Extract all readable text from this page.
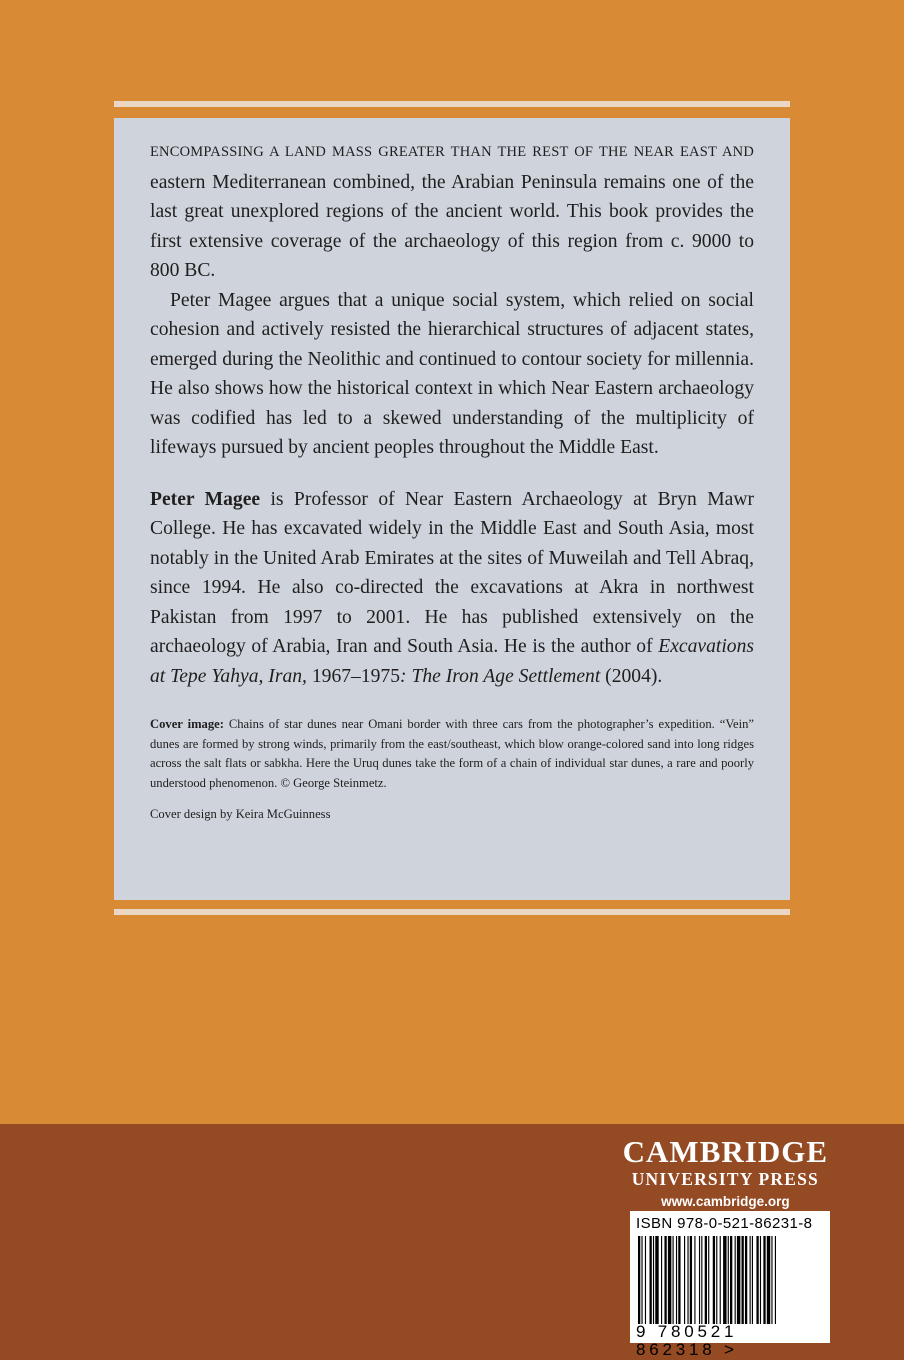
ENCOMPASSING A LAND MASS GREATER THAN THE REST OF THE NEAR EAST AND eastern Mediterranean combined, the Arabian Peninsula remains one of the last great unexplored regions of the ancient world. This book provides the first extensive coverage of the archaeology of this region from c. 9000 to 800 BC.

Peter Magee argues that a unique social system, which relied on social cohesion and actively resisted the hierarchical structures of adjacent states, emerged during the Neolithic and continued to contour society for millennia. He also shows how the historical context in which Near Eastern archaeology was codified has led to a skewed understanding of the multiplicity of lifeways pursued by ancient peoples throughout the Middle East.

Peter Magee is Professor of Near Eastern Archaeology at Bryn Mawr College. He has excavated widely in the Middle East and South Asia, most notably in the United Arab Emirates at the sites of Muweilah and Tell Abraq, since 1994. He also co-directed the excavations at Akra in northwest Pakistan from 1997 to 2001. He has published extensively on the archaeology of Arabia, Iran and South Asia. He is the author of Excavations at Tepe Yahya, Iran, 1967–1975: The Iron Age Settlement (2004).

Cover image: Chains of star dunes near Omani border with three cars from the photographer’s expedition. “Vein” dunes are formed by strong winds, primarily from the east/southeast, which blow orange-colored sand into long ridges across the salt flats or sabkha. Here the Uruq dunes take the form of a chain of individual star dunes, a rare and poorly understood phenomenon. © George Steinmetz.

Cover design by Keira McGuinness

CAMBRIDGE
UNIVERSITY PRESS
www.cambridge.org
ISBN 978-0-521-86231-8
9 780521 862318 >
